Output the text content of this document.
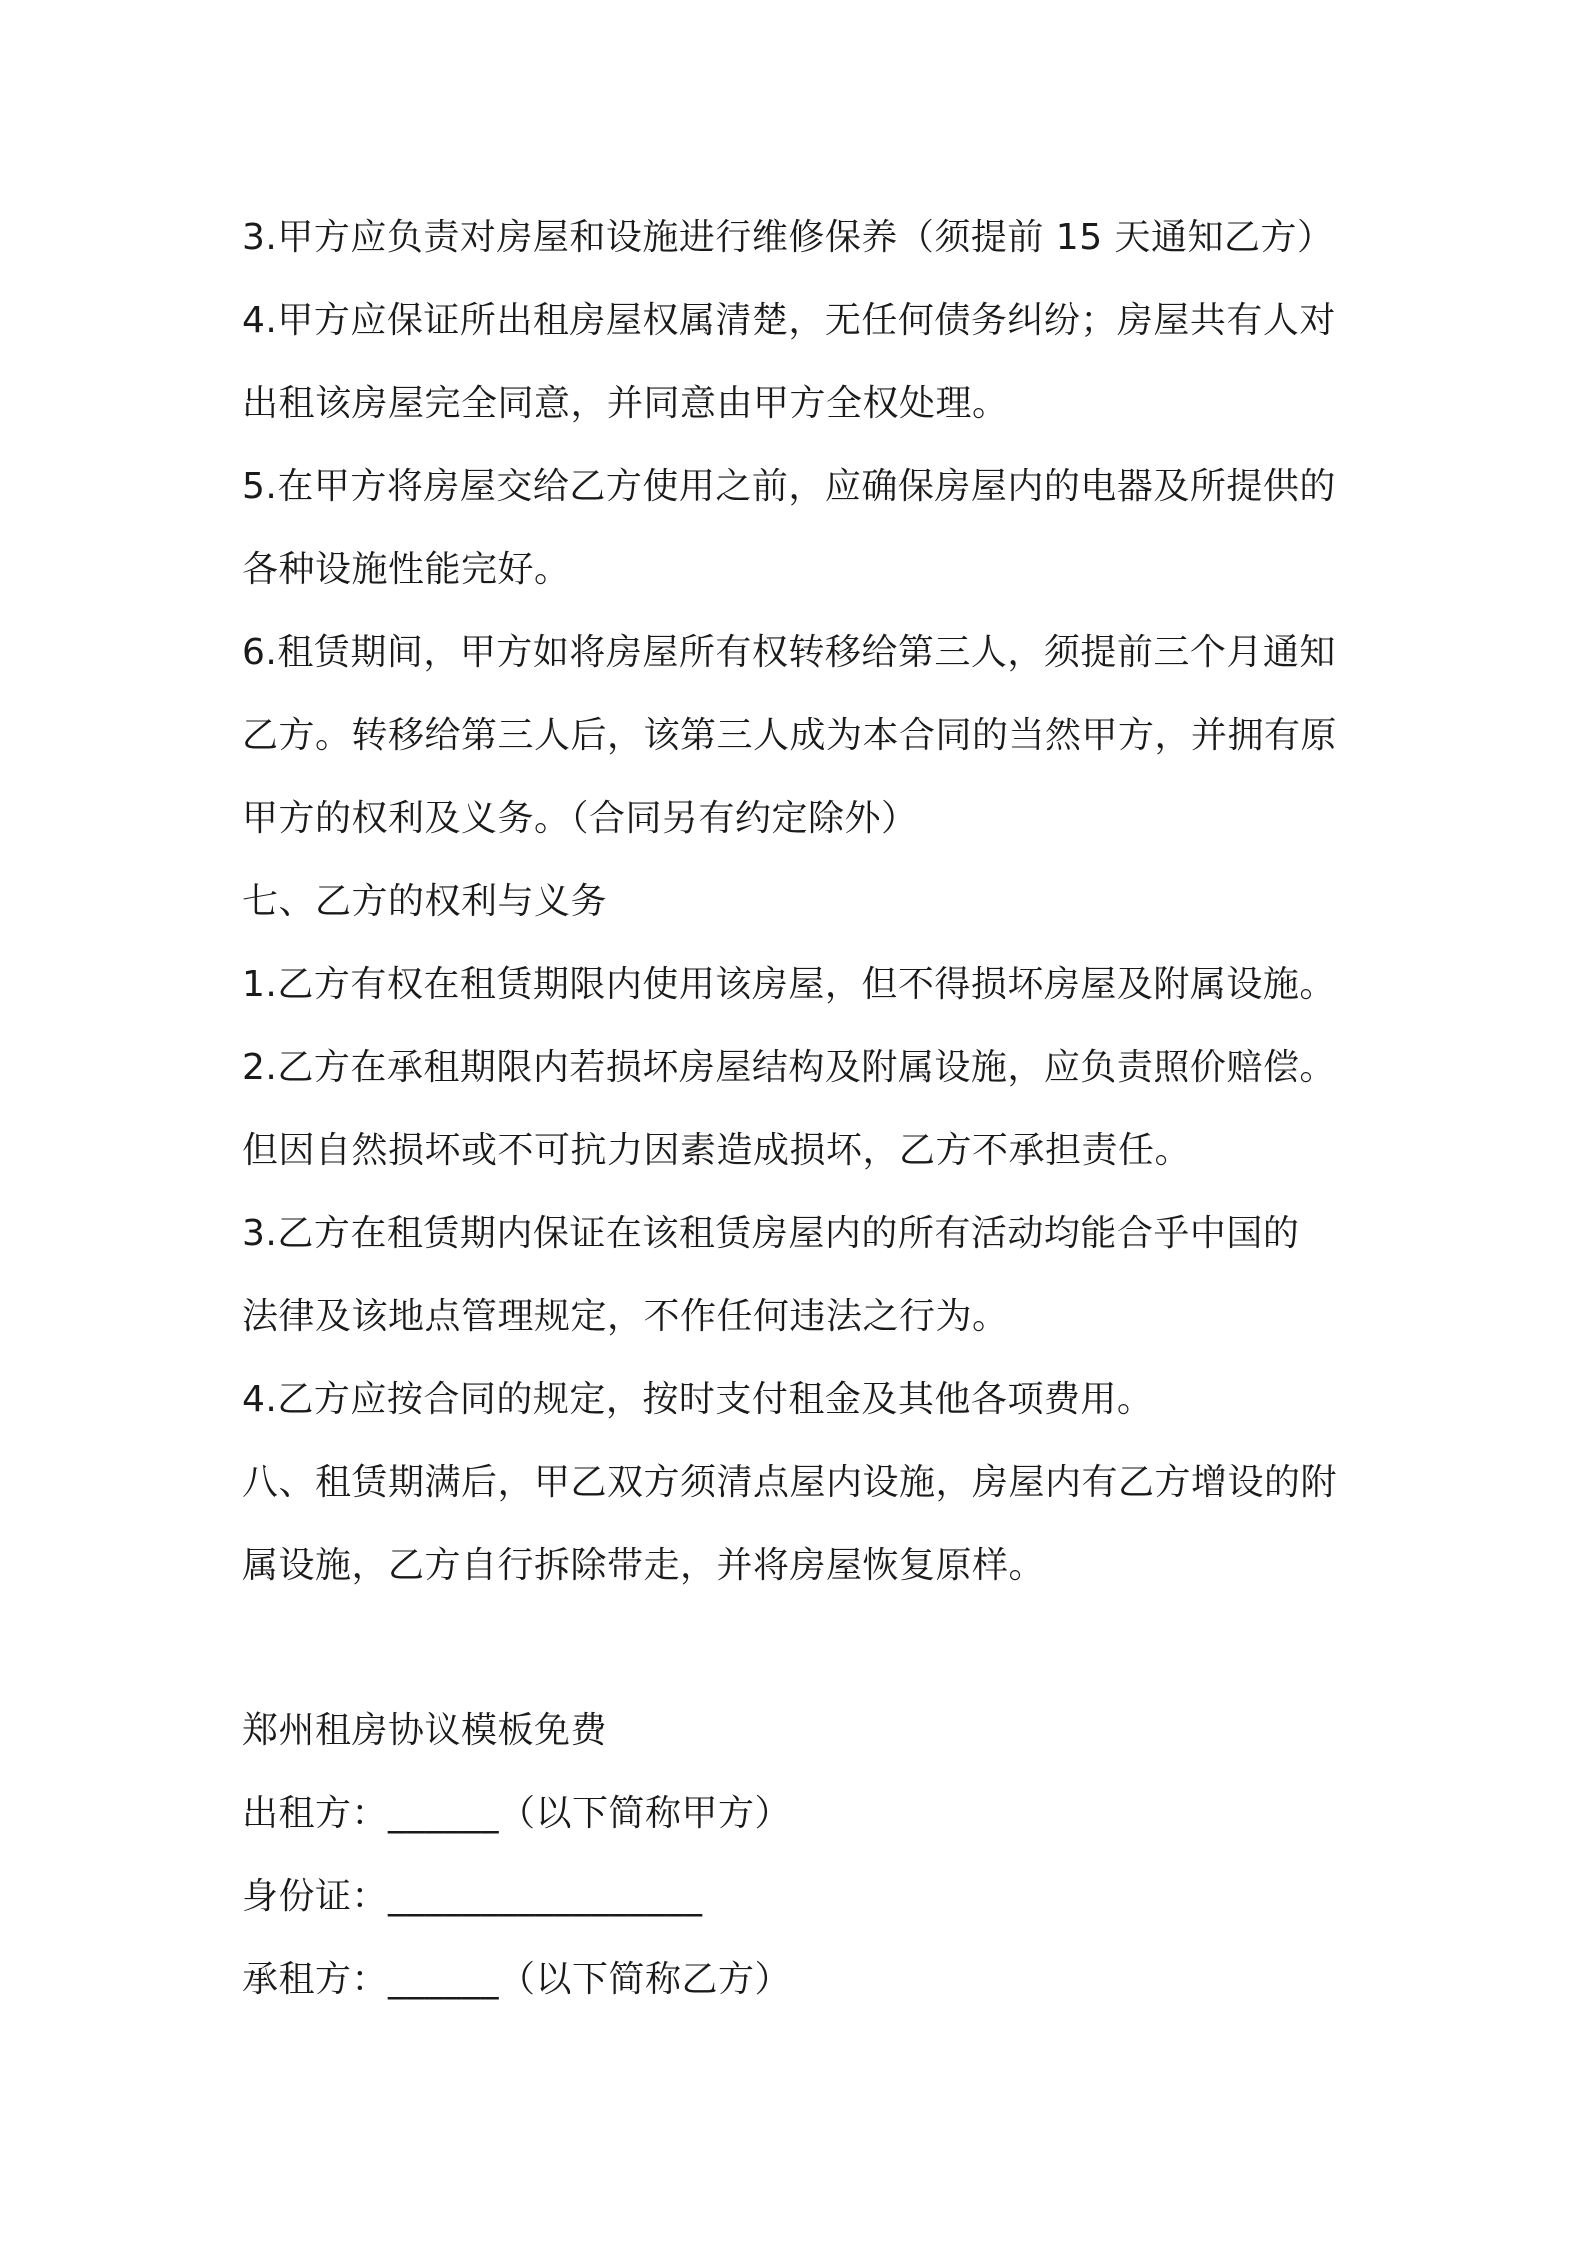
3.甲方应负责对房屋和设施进行维修保养（须提前 15 天通知乙方）
4.甲方应保证所出租房屋权属清楚，无任何债务纠纷；房屋共有人对
出租该房屋完全同意，并同意由甲方全权处理。
5.在甲方将房屋交给乙方使用之前，应确保房屋内的电器及所提供的
各种设施性能完好。
6.租赁期间，甲方如将房屋所有权转移给第三人，须提前三个月通知
乙方。转移给第三人后，该第三人成为本合同的当然甲方，并拥有原
甲方的权利及义务。（合同另有约定除外）
七、乙方的权利与义务
1.乙方有权在租赁期限内使用该房屋，但不得损坏房屋及附属设施。
2.乙方在承租期限内若损坏房屋结构及附属设施，应负责照价赔偿。
但因自然损坏或不可抗力因素造成损坏，乙方不承担责任。
3.乙方在租赁期内保证在该租赁房屋内的所有活动均能合乎中国的
法律及该地点管理规定，不作任何违法之行为。
4.乙方应按合同的规定，按时支付租金及其他各项费用。
八、租赁期满后，甲乙双方须清点屋内设施，房屋内有乙方增设的附
属设施，乙方自行拆除带走，并将房屋恢复原样。
郑州租房协议模板免费
出租方：______（以下简称甲方）
身份证：_________________
承租方：______（以下简称乙方）
